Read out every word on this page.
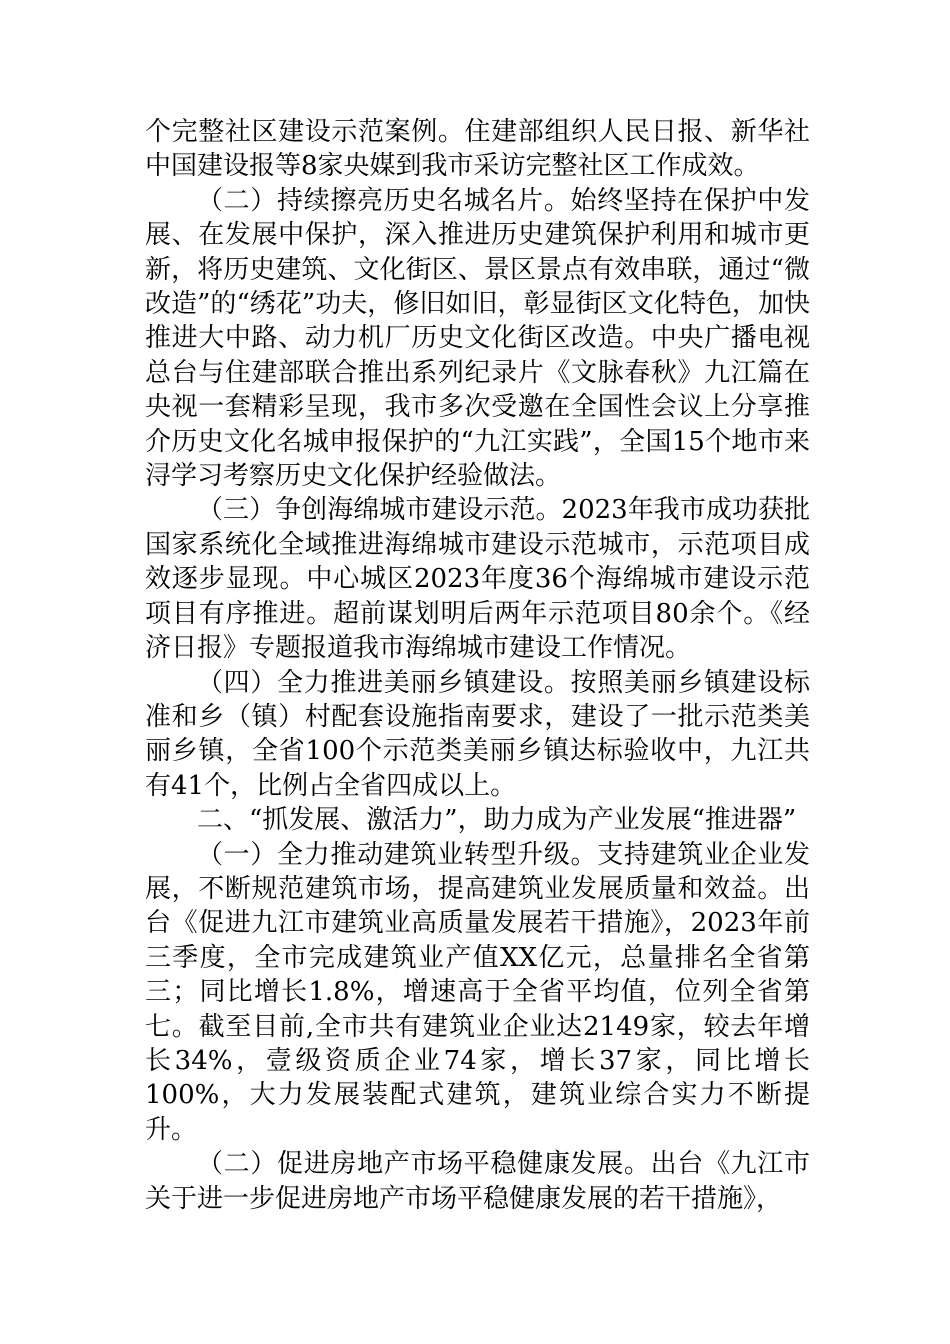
个完整社区建设示范案例。住建部组织人民日报、新华社中国建设报等8家央媒到我市采访完整社区工作成效。

（二）持续擦亮历史名城名片。始终坚持在保护中发展、在发展中保护，深入推进历史建筑保护利用和城市更新，将历史建筑、文化街区、景区景点有效串联，通过“微改造”的“绣花”功夫，修旧如旧，彰显街区文化特色，加快推进大中路、动力机厂历史文化街区改造。中央广播电视总台与住建部联合推出系列纪录片《文脉春秋》九江篇在央视一套精彩呈现，我市多次受邀在全国性会议上分享推介历史文化名城申报保护的“九江实践”，全国15个地市来浔学习考察历史文化保护经验做法。

（三）争创海绵城市建设示范。2023年我市成功获批国家系统化全域推进海绵城市建设示范城市，示范项目成效逐步显现。中心城区2023年度36个海绵城市建设示范项目有序推进。超前谋划明后两年示范项目80余个。《经济日报》专题报道我市海绵城市建设工作情况。

（四）全力推进美丽乡镇建设。按照美丽乡镇建设标准和乡（镇）村配套设施指南要求，建设了一批示范类美丽乡镇，全省100个示范类美丽乡镇达标验收中，九江共有41个，比例占全省四成以上。

二、“抓发展、激活力”，助力成为产业发展“推进器”

（一）全力推动建筑业转型升级。支持建筑业企业发展，不断规范建筑市场，提高建筑业发展质量和效益。出台《促进九江市建筑业高质量发展若干措施》，2023年前三季度，全市完成建筑业产值XX亿元，总量排名全省第三；同比增长1.8%，增速高于全省平均值，位列全省第七。截至目前,全市共有建筑业企业达2149家，较去年增长34%，壹级资质企业74家，增长37家，同比增长100%，大力发展装配式建筑，建筑业综合实力不断提升。

（二）促进房地产市场平稳健康发展。出台《九江市关于进一步促进房地产市场平稳健康发展的若干措施》，
